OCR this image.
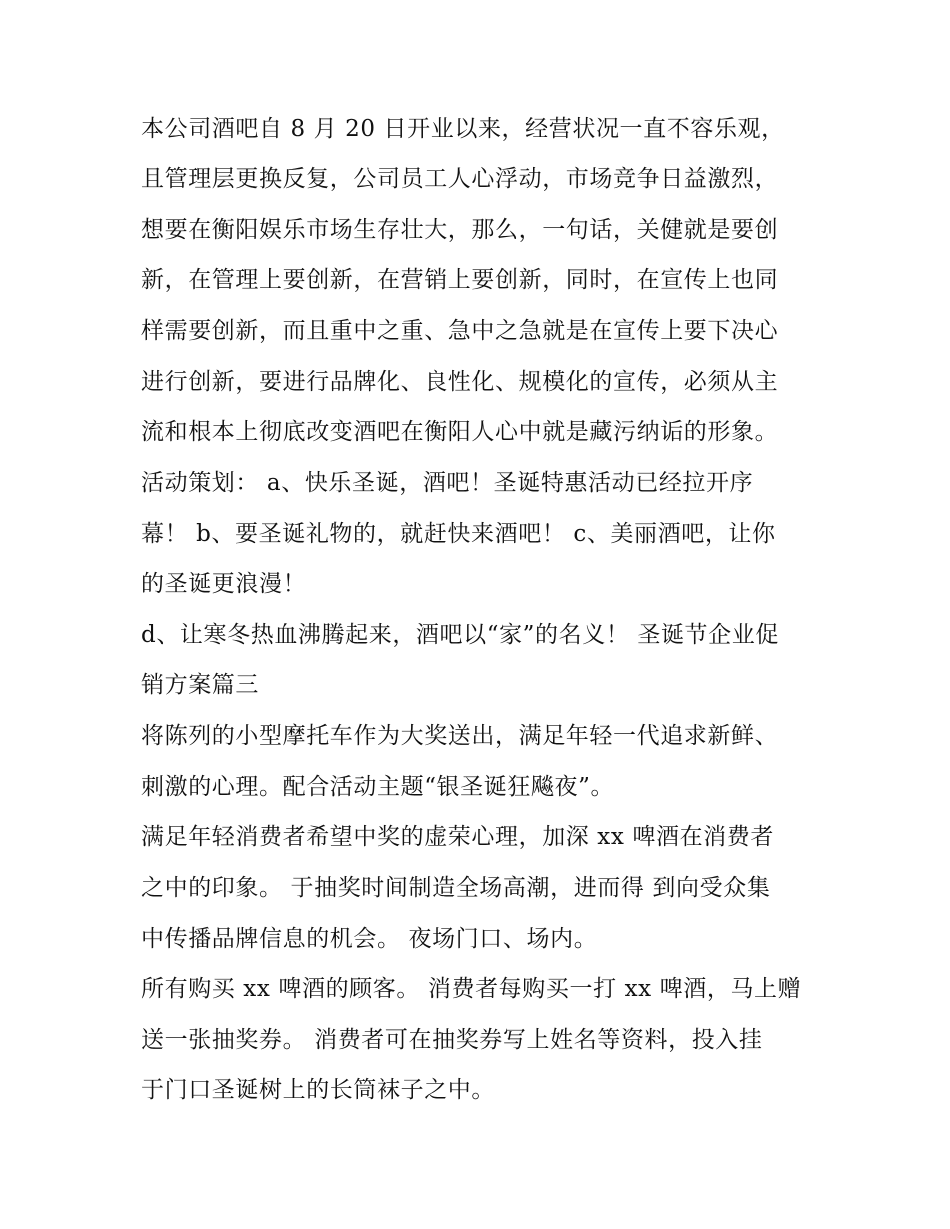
本公司酒吧自 8 月 20 日开业以来，经营状况一直不容乐观，
且管理层更换反复，公司员工人心浮动，市场竞争日益激烈，
想要在衡阳娱乐市场生存壮大，那么，一句话，关健就是要创
新，在管理上要创新，在营销上要创新，同时，在宣传上也同
样需要创新，而且重中之重、急中之急就是在宣传上要下决心
进行创新，要进行品牌化、良性化、规模化的宣传，必须从主
流和根本上彻底改变酒吧在衡阳人心中就是藏污纳诟的形象。
活动策划： a、快乐圣诞，酒吧！圣诞特惠活动已经拉开序
幕！ b、要圣诞礼物的，就赶快来酒吧！ c、美丽酒吧，让你
的圣诞更浪漫！
d、让寒冬热血沸腾起来，酒吧以“家”的名义！ 圣诞节企业促
销方案篇三
将陈列的小型摩托车作为大奖送出，满足年轻一代追求新鲜、
刺激的心理。配合活动主题“银圣诞狂飚夜”。
满足年轻消费者希望中奖的虚荣心理，加深 xx 啤酒在消费者
之中的印象。 于抽奖时间制造全场高潮，进而得 到向受众集
中传播品牌信息的机会。 夜场门口、场内。
所有购买 xx 啤酒的顾客。 消费者每购买一打 xx 啤酒，马上赠
送一张抽奖券。 消费者可在抽奖券写上姓名等资料，投入挂
于门口圣诞树上的长筒袜子之中。
